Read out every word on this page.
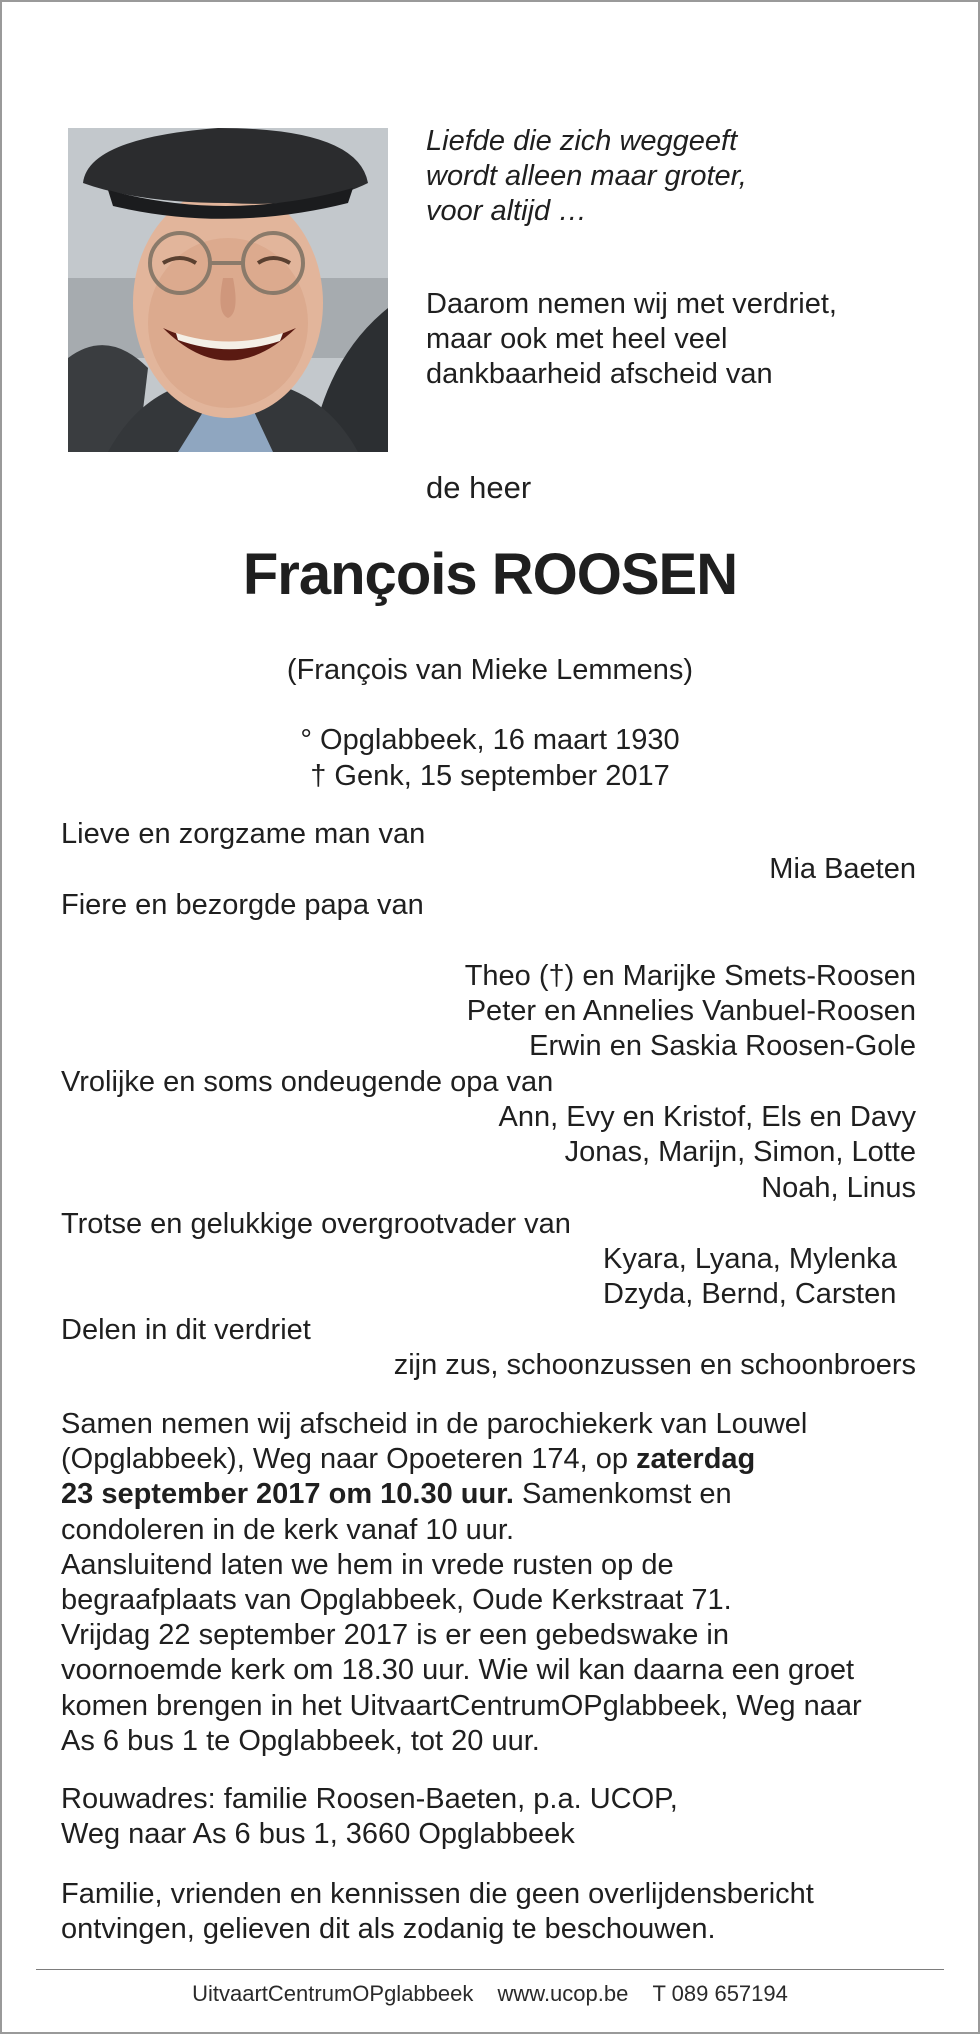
Liefde die zich weggeeft
wordt alleen maar groter,
voor altijd …
Daarom nemen wij met verdriet,
maar ook met heel veel
dankbaarheid afscheid van
de heer
François ROOSEN
(François van Mieke Lemmens)
° Opglabbeek, 16 maart 1930
† Genk, 15 september 2017
Lieve en zorgzame man van
Mia Baeten
Fiere en bezorgde papa van
Theo (†) en Marijke Smets-Roosen
Peter en Annelies Vanbuel-Roosen
Erwin en Saskia Roosen-Gole
Vrolijke en soms ondeugende opa van
Ann, Evy en Kristof, Els en Davy
Jonas, Marijn, Simon, Lotte
Noah, Linus
Trotse en gelukkige overgrootvader van
Kyara, Lyana, Mylenka
Dzyda, Bernd, Carsten
Delen in dit verdriet
zijn zus, schoonzussen en schoonbroers
Samen nemen wij afscheid in de parochiekerk van Louwel
(Opglabbeek), Weg naar Opoeteren 174, op zaterdag
23 september 2017 om 10.30 uur. Samenkomst en
condoleren in de kerk vanaf 10 uur.
Aansluitend laten we hem in vrede rusten op de
begraafplaats van Opglabbeek, Oude Kerkstraat 71.
Vrijdag 22 september 2017 is er een gebedswake in
voornoemde kerk om 18.30 uur. Wie wil kan daarna een groet
komen brengen in het UitvaartCentrumOPglabbeek, Weg naar
As 6 bus 1 te Opglabbeek, tot 20 uur.
Rouwadres: familie Roosen-Baeten, p.a. UCOP,
Weg naar As 6 bus 1, 3660 Opglabbeek
Familie, vrienden en kennissen die geen overlijdensbericht
ontvingen, gelieven dit als zodanig te beschouwen.
UitvaartCentrumOPglabbeek www.ucop.be T 089 657194
